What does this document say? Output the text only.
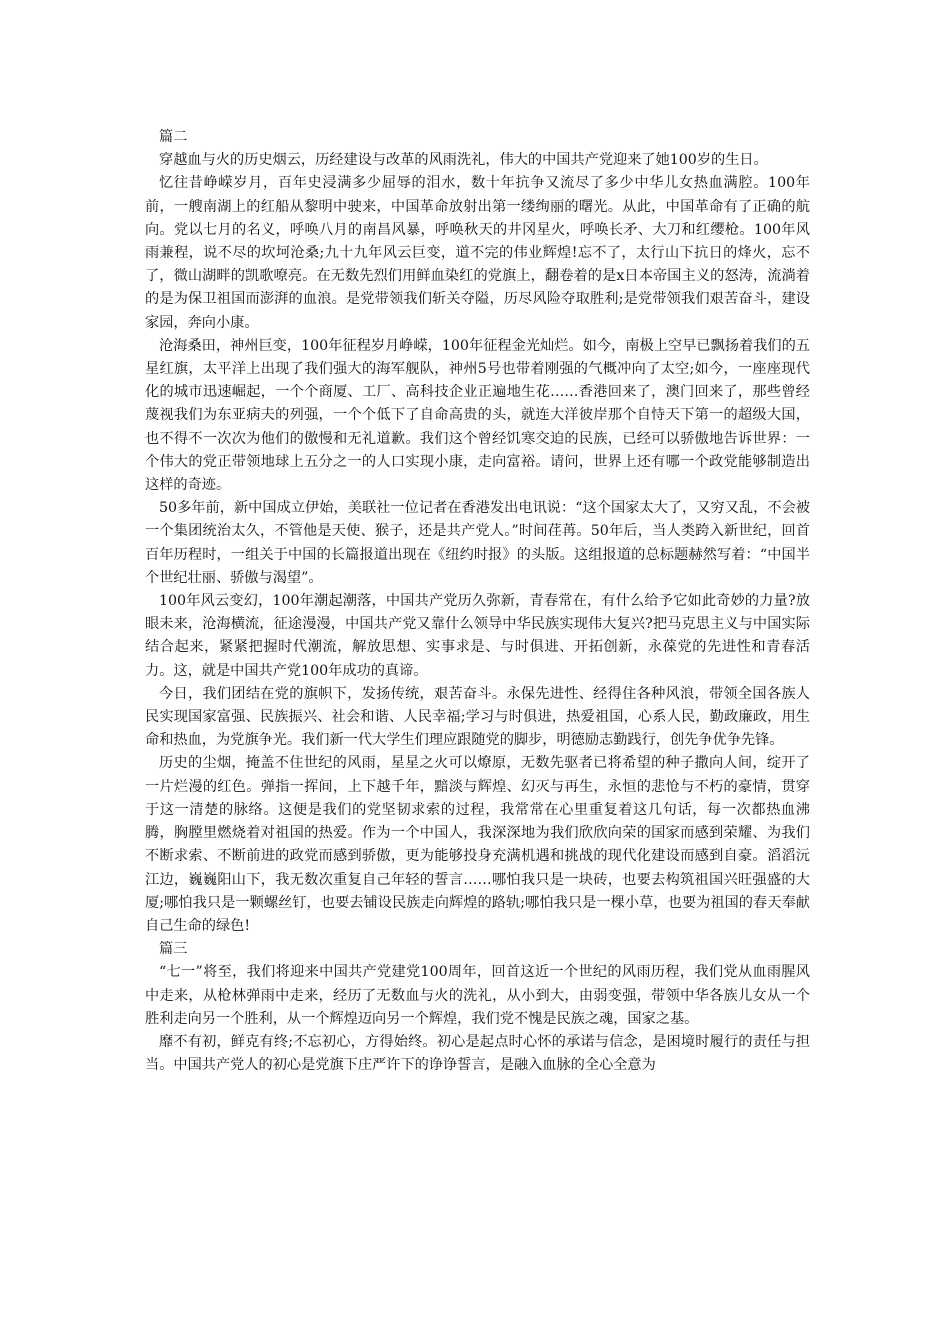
篇二

穿越血与火的历史烟云，历经建设与改革的风雨洗礼，伟大的中国共产党迎来了她100岁的生日。

忆往昔峥嵘岁月，百年史浸满多少屈辱的泪水，数十年抗争又流尽了多少中华儿女热血满腔。100年前，一艘南湖上的红船从黎明中驶来，中国革命放射出第一缕绚丽的曙光。从此，中国革命有了正确的航向。党以七月的名义，呼唤八月的南昌风暴，呼唤秋天的井冈星火，呼唤长矛、大刀和红缨枪。100年风雨兼程，说不尽的坎坷沧桑;九十九年风云巨变，道不完的伟业辉煌!忘不了，太行山下抗日的烽火，忘不了，微山湖畔的凯歌嘹亮。在无数先烈们用鲜血染红的党旗上，翻卷着的是x日本帝国主义的怒涛，流淌着的是为保卫祖国而澎湃的血浪。是党带领我们斩关夺隘，历尽风险夺取胜利;是党带领我们艰苦奋斗，建设家园，奔向小康。

沧海桑田，神州巨变，100年征程岁月峥嵘，100年征程金光灿烂。如今，南极上空早已飘扬着我们的五星红旗，太平洋上出现了我们强大的海军舰队，神州5号也带着刚强的气概冲向了太空;如今，一座座现代化的城市迅速崛起，一个个商厦、工厂、高科技企业正遍地生花……香港回来了，澳门回来了，那些曾经蔑视我们为东亚病夫的列强，一个个低下了自命高贵的头，就连大洋彼岸那个自恃天下第一的超级大国，也不得不一次次为他们的傲慢和无礼道歉。我们这个曾经饥寒交迫的民族，已经可以骄傲地告诉世界：一个伟大的党正带领地球上五分之一的人口实现小康，走向富裕。请问，世界上还有哪一个政党能够制造出这样的奇迹。

50多年前，新中国成立伊始，美联社一位记者在香港发出电讯说：“这个国家太大了，又穷又乱，不会被一个集团统治太久，不管他是天使、猴子，还是共产党人。”时间荏苒。50年后，当人类跨入新世纪，回首百年历程时，一组关于中国的长篇报道出现在《纽约时报》的头版。这组报道的总标题赫然写着：“中国半个世纪壮丽、骄傲与渴望”。

100年风云变幻，100年潮起潮落，中国共产党历久弥新，青春常在，有什么给予它如此奇妙的力量?放眼未来，沧海横流，征途漫漫，中国共产党又靠什么领导中华民族实现伟大复兴?把马克思主义与中国实际结合起来，紧紧把握时代潮流，解放思想、实事求是、与时俱进、开拓创新，永葆党的先进性和青春活力。这，就是中国共产党100年成功的真谛。

今日，我们团结在党的旗帜下，发扬传统，艰苦奋斗。永保先进性、经得住各种风浪，带领全国各族人民实现国家富强、民族振兴、社会和谐、人民幸福;学习与时俱进，热爱祖国，心系人民，勤政廉政，用生命和热血，为党旗争光。我们新一代大学生们理应跟随党的脚步，明德励志勤践行，创先争优争先锋。

历史的尘烟，掩盖不住世纪的风雨，星星之火可以燎原，无数先驱者已将希望的种子撒向人间，绽开了一片烂漫的红色。弹指一挥间，上下越千年，黯淡与辉煌、幻灭与再生，永恒的悲怆与不朽的豪情，贯穿于这一清楚的脉络。这便是我们的党坚韧求索的过程，我常常在心里重复着这几句话，每一次都热血沸腾，胸膛里燃烧着对祖国的热爱。作为一个中国人，我深深地为我们欣欣向荣的国家而感到荣耀、为我们不断求索、不断前进的政党而感到骄傲，更为能够投身充满机遇和挑战的现代化建设而感到自豪。滔滔沅江边，巍巍阳山下，我无数次重复自己年轻的誓言……哪怕我只是一块砖，也要去构筑祖国兴旺强盛的大厦;哪怕我只是一颗螺丝钉，也要去铺设民族走向辉煌的路轨;哪怕我只是一棵小草，也要为祖国的春天奉献自己生命的绿色!

篇三

“七一”将至，我们将迎来中国共产党建党100周年，回首这近一个世纪的风雨历程，我们党从血雨腥风中走来，从枪林弹雨中走来，经历了无数血与火的洗礼，从小到大，由弱变强，带领中华各族儿女从一个胜利走向另一个胜利，从一个辉煌迈向另一个辉煌，我们党不愧是民族之魂，国家之基。

靡不有初，鲜克有终;不忘初心，方得始终。初心是起点时心怀的承诺与信念，是困境时履行的责任与担当。中国共产党人的初心是党旗下庄严许下的诤诤誓言，是融入血脉的全心全意为
